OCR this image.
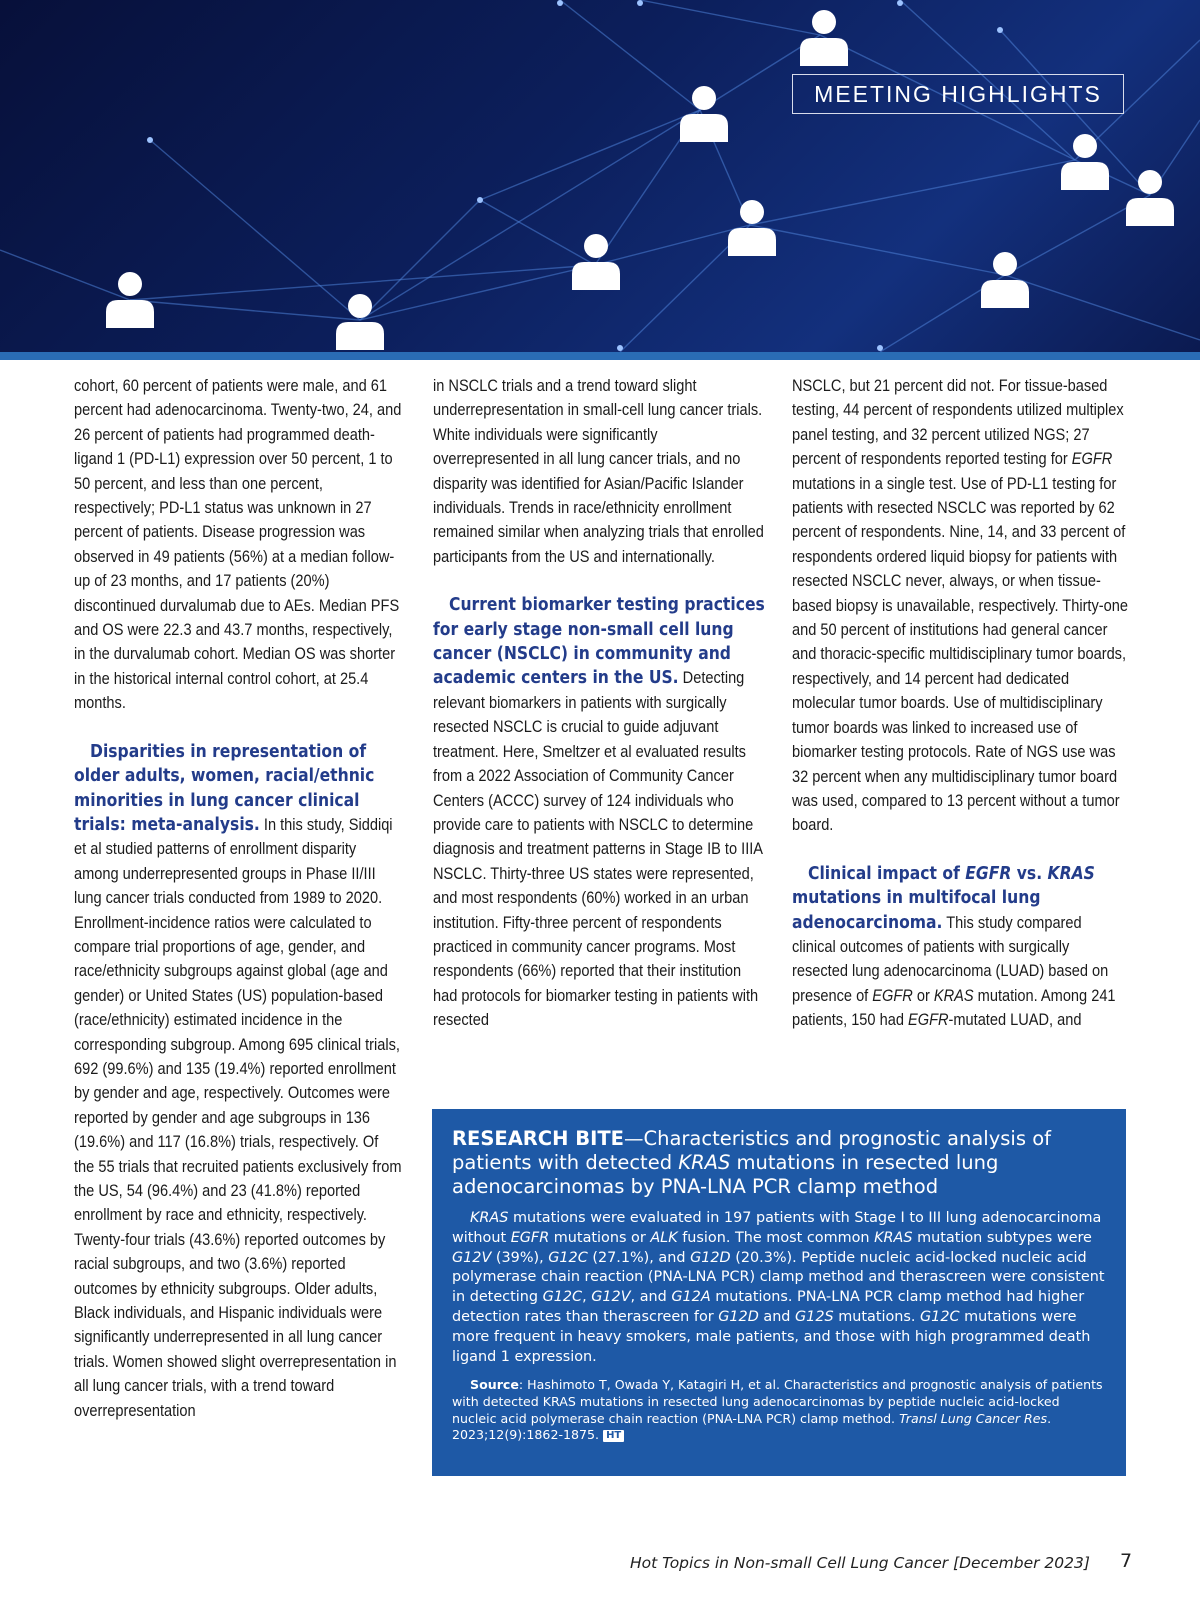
MEETING HIGHLIGHTS

cohort, 60 percent of patients were male, and 61 percent had adenocarcinoma. Twenty-two, 24, and 26 percent of patients had programmed death-ligand 1 (PD-L1) expression over 50 percent, 1 to 50 percent, and less than one percent, respectively; PD-L1 status was unknown in 27 percent of patients. Disease progression was observed in 49 patients (56%) at a median follow-up of 23 months, and 17 patients (20%) discontinued durvalumab due to AEs. Median PFS and OS were 22.3 and 43.7 months, respectively, in the durvalumab cohort. Median OS was shorter in the historical internal control cohort, at 25.4 months.

Disparities in representation of older adults, women, racial/ethnic minorities in lung cancer clinical trials: meta-analysis. In this study, Siddiqi et al studied patterns of enrollment disparity among underrepresented groups in Phase II/III lung cancer trials conducted from 1989 to 2020. Enrollment-incidence ratios were calculated to compare trial proportions of age, gender, and race/ethnicity subgroups against global (age and gender) or United States (US) population-based (race/ethnicity) estimated incidence in the corresponding subgroup. Among 695 clinical trials, 692 (99.6%) and 135 (19.4%) reported enrollment by gender and age, respectively. Outcomes were reported by gender and age subgroups in 136 (19.6%) and 117 (16.8%) trials, respectively. Of the 55 trials that recruited patients exclusively from the US, 54 (96.4%) and 23 (41.8%) reported enrollment by race and ethnicity, respectively. Twenty-four trials (43.6%) reported outcomes by racial subgroups, and two (3.6%) reported outcomes by ethnicity subgroups. Older adults, Black individuals, and Hispanic individuals were significantly underrepresented in all lung cancer trials. Women showed slight overrepresentation in all lung cancer trials, with a trend toward overrepresentation

in NSCLC trials and a trend toward slight underrepresentation in small-cell lung cancer trials. White individuals were significantly overrepresented in all lung cancer trials, and no disparity was identified for Asian/Pacific Islander individuals. Trends in race/ethnicity enrollment remained similar when analyzing trials that enrolled participants from the US and internationally.

Current biomarker testing practices for early stage non-small cell lung cancer (NSCLC) in community and academic centers in the US. Detecting relevant biomarkers in patients with surgically resected NSCLC is crucial to guide adjuvant treatment. Here, Smeltzer et al evaluated results from a 2022 Association of Community Cancer Centers (ACCC) survey of 124 individuals who provide care to patients with NSCLC to determine diagnosis and treatment patterns in Stage IB to IIIA NSCLC. Thirty-three US states were represented, and most respondents (60%) worked in an urban institution. Fifty-three percent of respondents practiced in community cancer programs. Most respondents (66%) reported that their institution had protocols for biomarker testing in patients with resected

NSCLC, but 21 percent did not. For tissue-based testing, 44 percent of respondents utilized multiplex panel testing, and 32 percent utilized NGS; 27 percent of respondents reported testing for EGFR mutations in a single test. Use of PD-L1 testing for patients with resected NSCLC was reported by 62 percent of respondents. Nine, 14, and 33 percent of respondents ordered liquid biopsy for patients with resected NSCLC never, always, or when tissue-based biopsy is unavailable, respectively. Thirty-one and 50 percent of institutions had general cancer and thoracic-specific multidisciplinary tumor boards, respectively, and 14 percent had dedicated molecular tumor boards. Use of multidisciplinary tumor boards was linked to increased use of biomarker testing protocols. Rate of NGS use was 32 percent when any multidisciplinary tumor board was used, compared to 13 percent without a tumor board.

Clinical impact of EGFR vs. KRAS mutations in multifocal lung adenocarcinoma. This study compared clinical outcomes of patients with surgically resected lung adenocarcinoma (LUAD) based on presence of EGFR or KRAS mutation. Among 241 patients, 150 had EGFR-mutated LUAD, and

RESEARCH BITE—Characteristics and prognostic analysis of patients with detected KRAS mutations in resected lung adenocarcinomas by PNA-LNA PCR clamp method

KRAS mutations were evaluated in 197 patients with Stage I to III lung adenocarcinoma without EGFR mutations or ALK fusion. The most common KRAS mutation subtypes were G12V (39%), G12C (27.1%), and G12D (20.3%). Peptide nucleic acid-locked nucleic acid polymerase chain reaction (PNA-LNA PCR) clamp method and therascreen were consistent in detecting G12C, G12V, and G12A mutations. PNA-LNA PCR clamp method had higher detection rates than therascreen for G12D and G12S mutations. G12C mutations were more frequent in heavy smokers, male patients, and those with high programmed death ligand 1 expression.

Source: Hashimoto T, Owada Y, Katagiri H, et al. Characteristics and prognostic analysis of patients with detected KRAS mutations in resected lung adenocarcinomas by peptide nucleic acid-locked nucleic acid polymerase chain reaction (PNA-LNA PCR) clamp method. Transl Lung Cancer Res. 2023;12(9):1862-1875. HT

Hot Topics in Non-small Cell Lung Cancer [December 2023] 7
